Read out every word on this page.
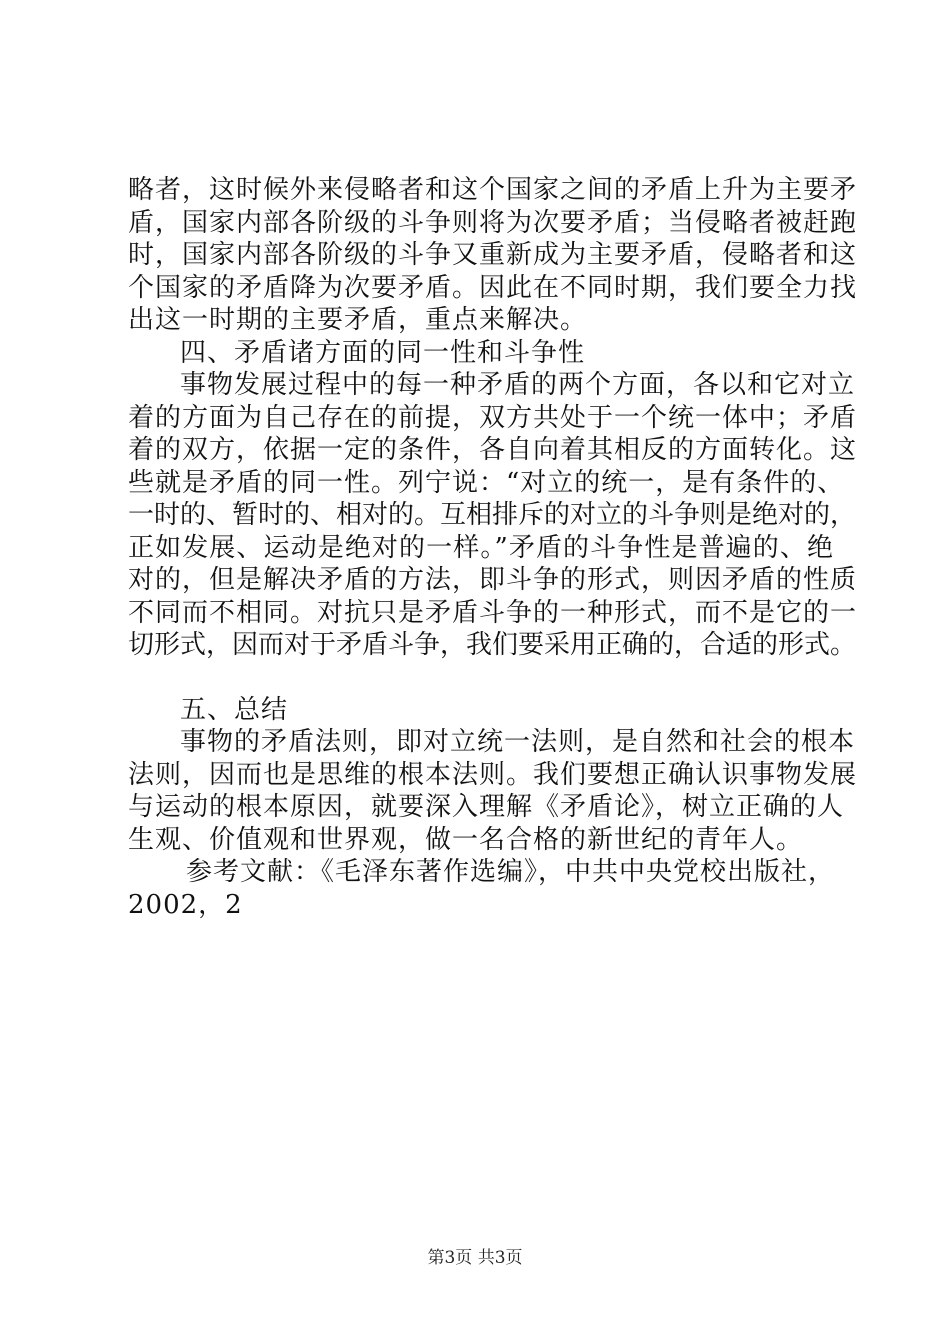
略者，这时候外来侵略者和这个国家之间的矛盾上升为主要矛
盾，国家内部各阶级的斗争则将为次要矛盾；当侵略者被赶跑
时，国家内部各阶级的斗争又重新成为主要矛盾，侵略者和这
个国家的矛盾降为次要矛盾。因此在不同时期，我们要全力找
出这一时期的主要矛盾，重点来解决。
四、矛盾诸方面的同一性和斗争性
事物发展过程中的每一种矛盾的两个方面，各以和它对立
着的方面为自己存在的前提，双方共处于一个统一体中；矛盾
着的双方，依据一定的条件，各自向着其相反的方面转化。这
些就是矛盾的同一性。列宁说：“对立的统一，是有条件的、
一时的、暂时的、相对的。互相排斥的对立的斗争则是绝对的，
正如发展、运动是绝对的一样。”矛盾的斗争性是普遍的、绝
对的，但是解决矛盾的方法，即斗争的形式，则因矛盾的性质
不同而不相同。对抗只是矛盾斗争的一种形式，而不是它的一
切形式，因而对于矛盾斗争，我们要采用正确的，合适的形式。
五、总结
事物的矛盾法则，即对立统一法则，是自然和社会的根本
法则，因而也是思维的根本法则。我们要想正确认识事物发展
与运动的根本原因，就要深入理解《矛盾论》，树立正确的人
生观、价值观和世界观，做一名合格的新世纪的青年人。
参考文献：《毛泽东著作选编》，中共中央党校出版社，
2002，2
第3页 共3页
